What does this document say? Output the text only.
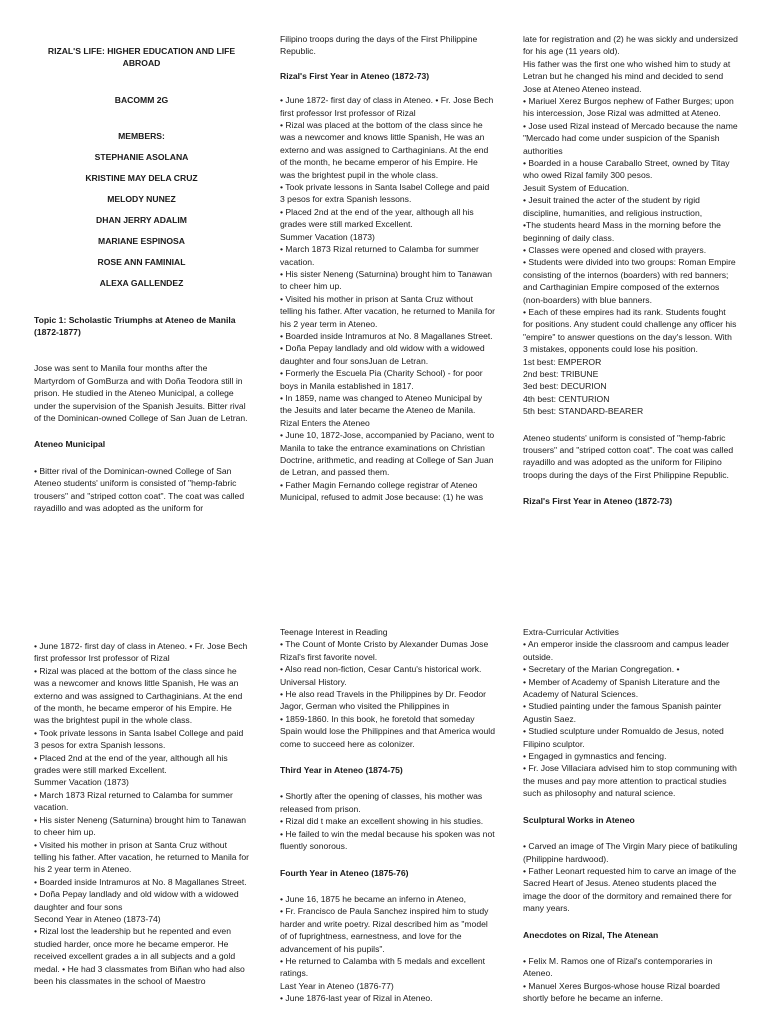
RIZAL'S LIFE: HIGHER EDUCATION AND LIFE ABROAD

BACOMM 2G

MEMBERS:

STEPHANIE ASOLANA

KRISTINE MAY DELA CRUZ

MELODY NUNEZ

DHAN JERRY ADALIM

MARIANE ESPINOSA

ROSE ANN FAMINIAL

ALEXA GALLENDEZ

Topic 1: Scholastic Triumphs at Ateneo de Manila (1872-1877)

Jose was sent to Manila four months after the Martyrdom of GomBurza and with Doña Teodora still in prison. He studied in the Ateneo Municipal, a college under the supervision of the Spanish Jesuits. Bitter rival of the Dominican-owned College of San Juan de Letran.

Ateneo Municipal

• Bitter rival of the Dominican-owned College of San Ateneo students' uniform is consisted of "hemp-fabric trousers" and "striped cotton coat". The coat was called rayadillo and was adopted as the uniform for

Filipino troops during the days of the First Philippine Republic.

Rizal's First Year in Ateneo (1872-73)

• June 1872- first day of class in Ateneo. • Fr. Jose Bech first professor Irst professor of Rizal

• Rizal was placed at the bottom of the class since he was a newcomer and knows little Spanish, He was an externo and was assigned to Carthaginians. At the end of the month, he became emperor of his Empire. He was the brightest pupil in the whole class.

• Took private lessons in Santa Isabel College and paid 3 pesos for extra Spanish lessons.

• Placed 2nd at the end of the year, although all his grades were still marked Excellent.

Summer Vacation (1873)

• March 1873 Rizal returned to Calamba for summer vacation.

• His sister Neneng (Saturnina) brought him to Tanawan to cheer him up.

• Visited his mother in prison at Santa Cruz without telling his father. After vacation, he returned to Manila for his 2 year term in Ateneo.

• Boarded inside Intramuros at No. 8 Magallanes Street.

• Doña Pepay landlady and old widow with a widowed daughter and four sonsJuan de Letran.

• Formerly the Escuela Pia (Charity School) - for poor boys in Manila established in 1817.

• In 1859, name was changed to Ateneo Municipal by the Jesuits and later became the Ateneo de Manila.

Rizal Enters the Ateneo

• June 10, 1872-Jose, accompanied by Paciano, went to Manila to take the entrance examinations on Christian Doctrine, arithmetic, and reading at College of San Juan de Letran, and passed them.

• Father Magin Fernando college registrar of Ateneo Municipal, refused to admit Jose because: (1) he was

late for registration and (2) he was sickly and undersized for his age (11 years old).

His father was the first one who wished him to study at Letran but he changed his mind and decided to send Jose at Ateneo Ateneo instead.

• Mariuel Xerez Burgos nephew of Father Burges; upon his intercession, Jose Rizal was admitted at Ateneo.

• Jose used Rizal instead of Mercado because the name "Mercado had come under suspicion of the Spanish authorities

• Boarded in a house Caraballo Street, owned by Titay who owed Rizal family 300 pesos.

Jesuit System of Education.

• Jesuit trained the acter of the student by rigid discipline, humanities, and religious instruction,

•The students heard Mass in the morning before the beginning of daily class.

• Classes were opened and closed with prayers.

• Students were divided into two groups: Roman Empire consisting of the internos (boarders) with red banners; and Carthaginian Empire composed of the externos (non-boarders) with blue banners.

• Each of these empires had its rank. Students fought for positions. Any student could challenge any officer his "empire" to answer questions on the day's lesson. With 3 mistakes, opponents could lose his position.

1st best: EMPEROR

2nd best: TRIBUNE

3ed best: DECURION

4th best: CENTURION

5th best: STANDARD-BEARER

Ateneo students' uniform is consisted of "hemp-fabric trousers" and "striped cotton coat". The coat was called rayadillo and was adopted as the uniform for Filipino troops during the days of the First Philippine Republic.

Rizal's First Year in Ateneo (1872-73)

• June 1872- first day of class in Ateneo. • Fr. Jose Bech first professor Irst professor of Rizal

• Rizal was placed at the bottom of the class since he was a newcomer and knows little Spanish, He was an externo and was assigned to Carthaginians. At the end of the month, he became emperor of his Empire. He was the brightest pupil in the whole class.

• Took private lessons in Santa Isabel College and paid 3 pesos for extra Spanish lessons.

• Placed 2nd at the end of the year, although all his grades were still marked Excellent.

Summer Vacation (1873)

• March 1873 Rizal returned to Calamba for summer vacation.

• His sister Neneng (Saturnina) brought him to Tanawan to cheer him up.

• Visited his mother in prison at Santa Cruz without telling his father. After vacation, he returned to Manila for his 2 year term in Ateneo.

• Boarded inside Intramuros at No. 8 Magallanes Street.

• Doña Pepay landlady and old widow with a widowed daughter and four sons

Second Year in Ateneo (1873-74)

• Rizal lost the leadership but he repented and even studied harder, once more he became emperor. He received excellent grades a in all subjects and a gold medal. • He had 3 classmates from Biñan who had also been his classmates in the school of Maestro

Teenage Interest in Reading

• The Count of Monte Cristo by Alexander Dumas Jose Rizal's first favorite novel.

• Also read non-fiction, Cesar Cantu's historical work. Universal History.

• He also read Travels in the Philippines by Dr. Feodor Jagor, German who visited the Philippines in

• 1859-1860. In this book, he foretold that someday Spain would lose the Philippines and that America would come to succeed here as colonizer.

Third Year in Ateneo (1874-75)

• Shortly after the opening of classes, his mother was released from prison.

• Rizal did t make an excellent showing in his studies.

• He failed to win the medal because his spoken was not fluently sonorous.

Fourth Year in Ateneo (1875-76)

• June 16, 1875 he became an inferno in Ateneo,

• Fr. Francisco de Paula Sanchez inspired him to study harder and write poetry. Rizal described him as "model of of fuprightness, earnestness, and love for the advancement of his pupils".

• He returned to Calamba with 5 medals and excellent ratings.

Last Year in Ateneo (1876-77)

• June 1876-last year of Rizal in Ateneo.

Extra-Curricular Activities

• An emperor inside the classroom and campus leader outside.

• Secretary of the Marian Congregation. •

• Member of Academy of Spanish Literature and the Academy of Natural Sciences.

• Studied painting under the famous Spanish painter Agustin Saez.

• Studied sculpture under Romualdo de Jesus, noted Filipino sculptor.

• Engaged in gymnastics and fencing.

• Fr. Jose Villaciara advised him to stop communing with the muses and pay more attention to practical studies such as philosophy and natural science.

Sculptural Works in Ateneo

• Carved an image of The Virgin Mary piece of batikuling (Philippine hardwood).

• Father Leonart requested him to carve an image of the Sacred Heart of Jesus. Ateneo students placed the image the door of the dormitory and remained there for many years.

Anecdotes on Rizal, The Atenean

• Felix M. Ramos one of Rizal's contemporaries in Ateneo.

• Manuel Xeres Burgos-whose house Rizal boarded shortly before he became an inferne.
